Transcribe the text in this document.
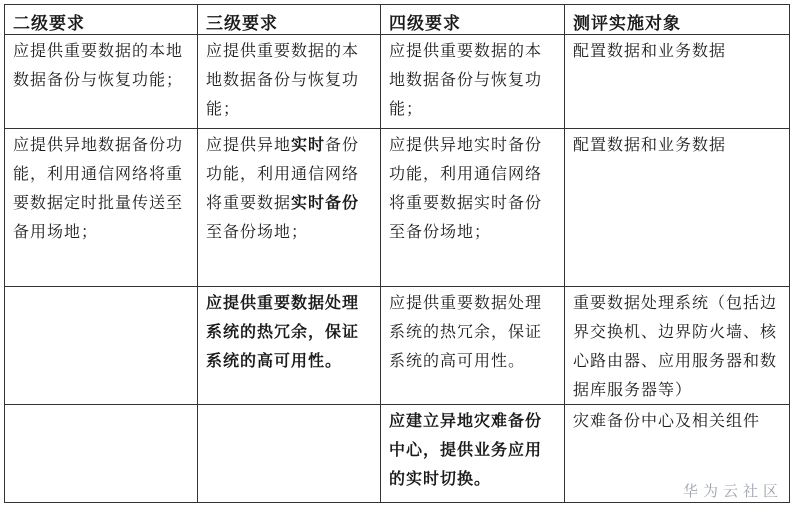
二级要求	三级要求	四级要求	测评实施对象
应提供重要数据的本地数据备份与恢复功能；	应提供重要数据的本地数据备份与恢复功能；	应提供重要数据的本地数据备份与恢复功能；	配置数据和业务数据
应提供异地数据备份功能，利用通信网络将重要数据定时批量传送至备用场地；	应提供异地实时备份功能，利用通信网络将重要数据实时备份至备份场地；	应提供异地实时备份功能，利用通信网络将重要数据实时备份至备份场地；	配置数据和业务数据
	应提供重要数据处理系统的热冗余，保证系统的高可用性。	应提供重要数据处理系统的热冗余，保证系统的高可用性。	重要数据处理系统（包括边界交换机、边界防火墙、核心路由器、应用服务器和数据库服务器等）
		应建立异地灾难备份中心，提供业务应用的实时切换。	灾难备份中心及相关组件
华为云社区
